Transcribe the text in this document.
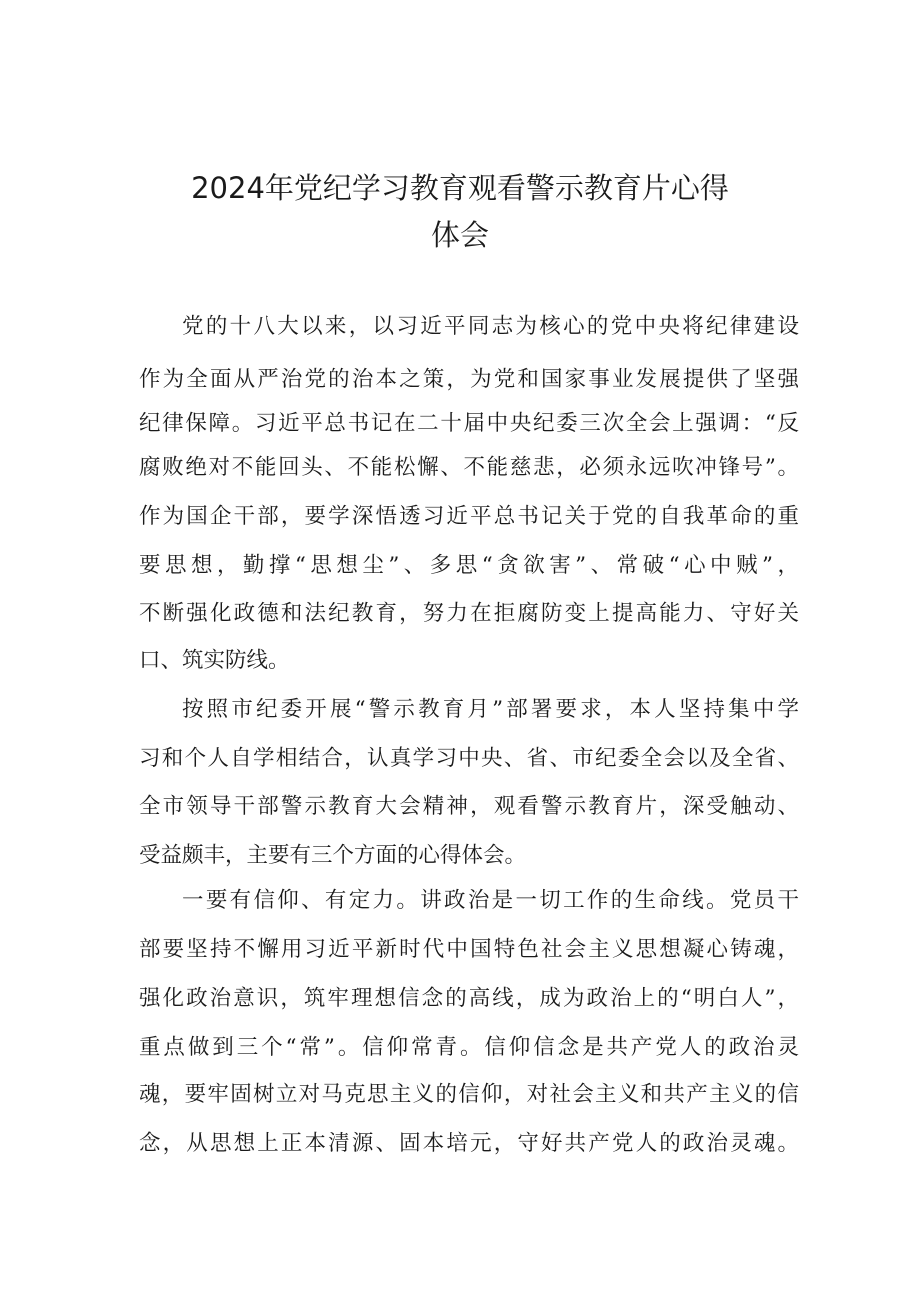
2024年党纪学习教育观看警示教育片心得
体会
党的十八大以来，以习近平同志为核心的党中央将纪律建设
作为全面从严治党的治本之策，为党和国家事业发展提供了坚强
纪律保障。习近平总书记在二十届中央纪委三次全会上强调：“反
腐败绝对不能回头、不能松懈、不能慈悲，必须永远吹冲锋号”。
作为国企干部，要学深悟透习近平总书记关于党的自我革命的重
要思想，勤撑“思想尘”、多思“贪欲害”、常破“心中贼”，
不断强化政德和法纪教育，努力在拒腐防变上提高能力、守好关
口、筑实防线。
按照市纪委开展“警示教育月”部署要求，本人坚持集中学
习和个人自学相结合，认真学习中央、省、市纪委全会以及全省、
全市领导干部警示教育大会精神，观看警示教育片，深受触动、
受益颇丰，主要有三个方面的心得体会。
一要有信仰、有定力。讲政治是一切工作的生命线。党员干
部要坚持不懈用习近平新时代中国特色社会主义思想凝心铸魂，
强化政治意识，筑牢理想信念的高线，成为政治上的“明白人”，
重点做到三个“常”。信仰常青。信仰信念是共产党人的政治灵
魂，要牢固树立对马克思主义的信仰，对社会主义和共产主义的信
念，从思想上正本清源、固本培元，守好共产党人的政治灵魂。
